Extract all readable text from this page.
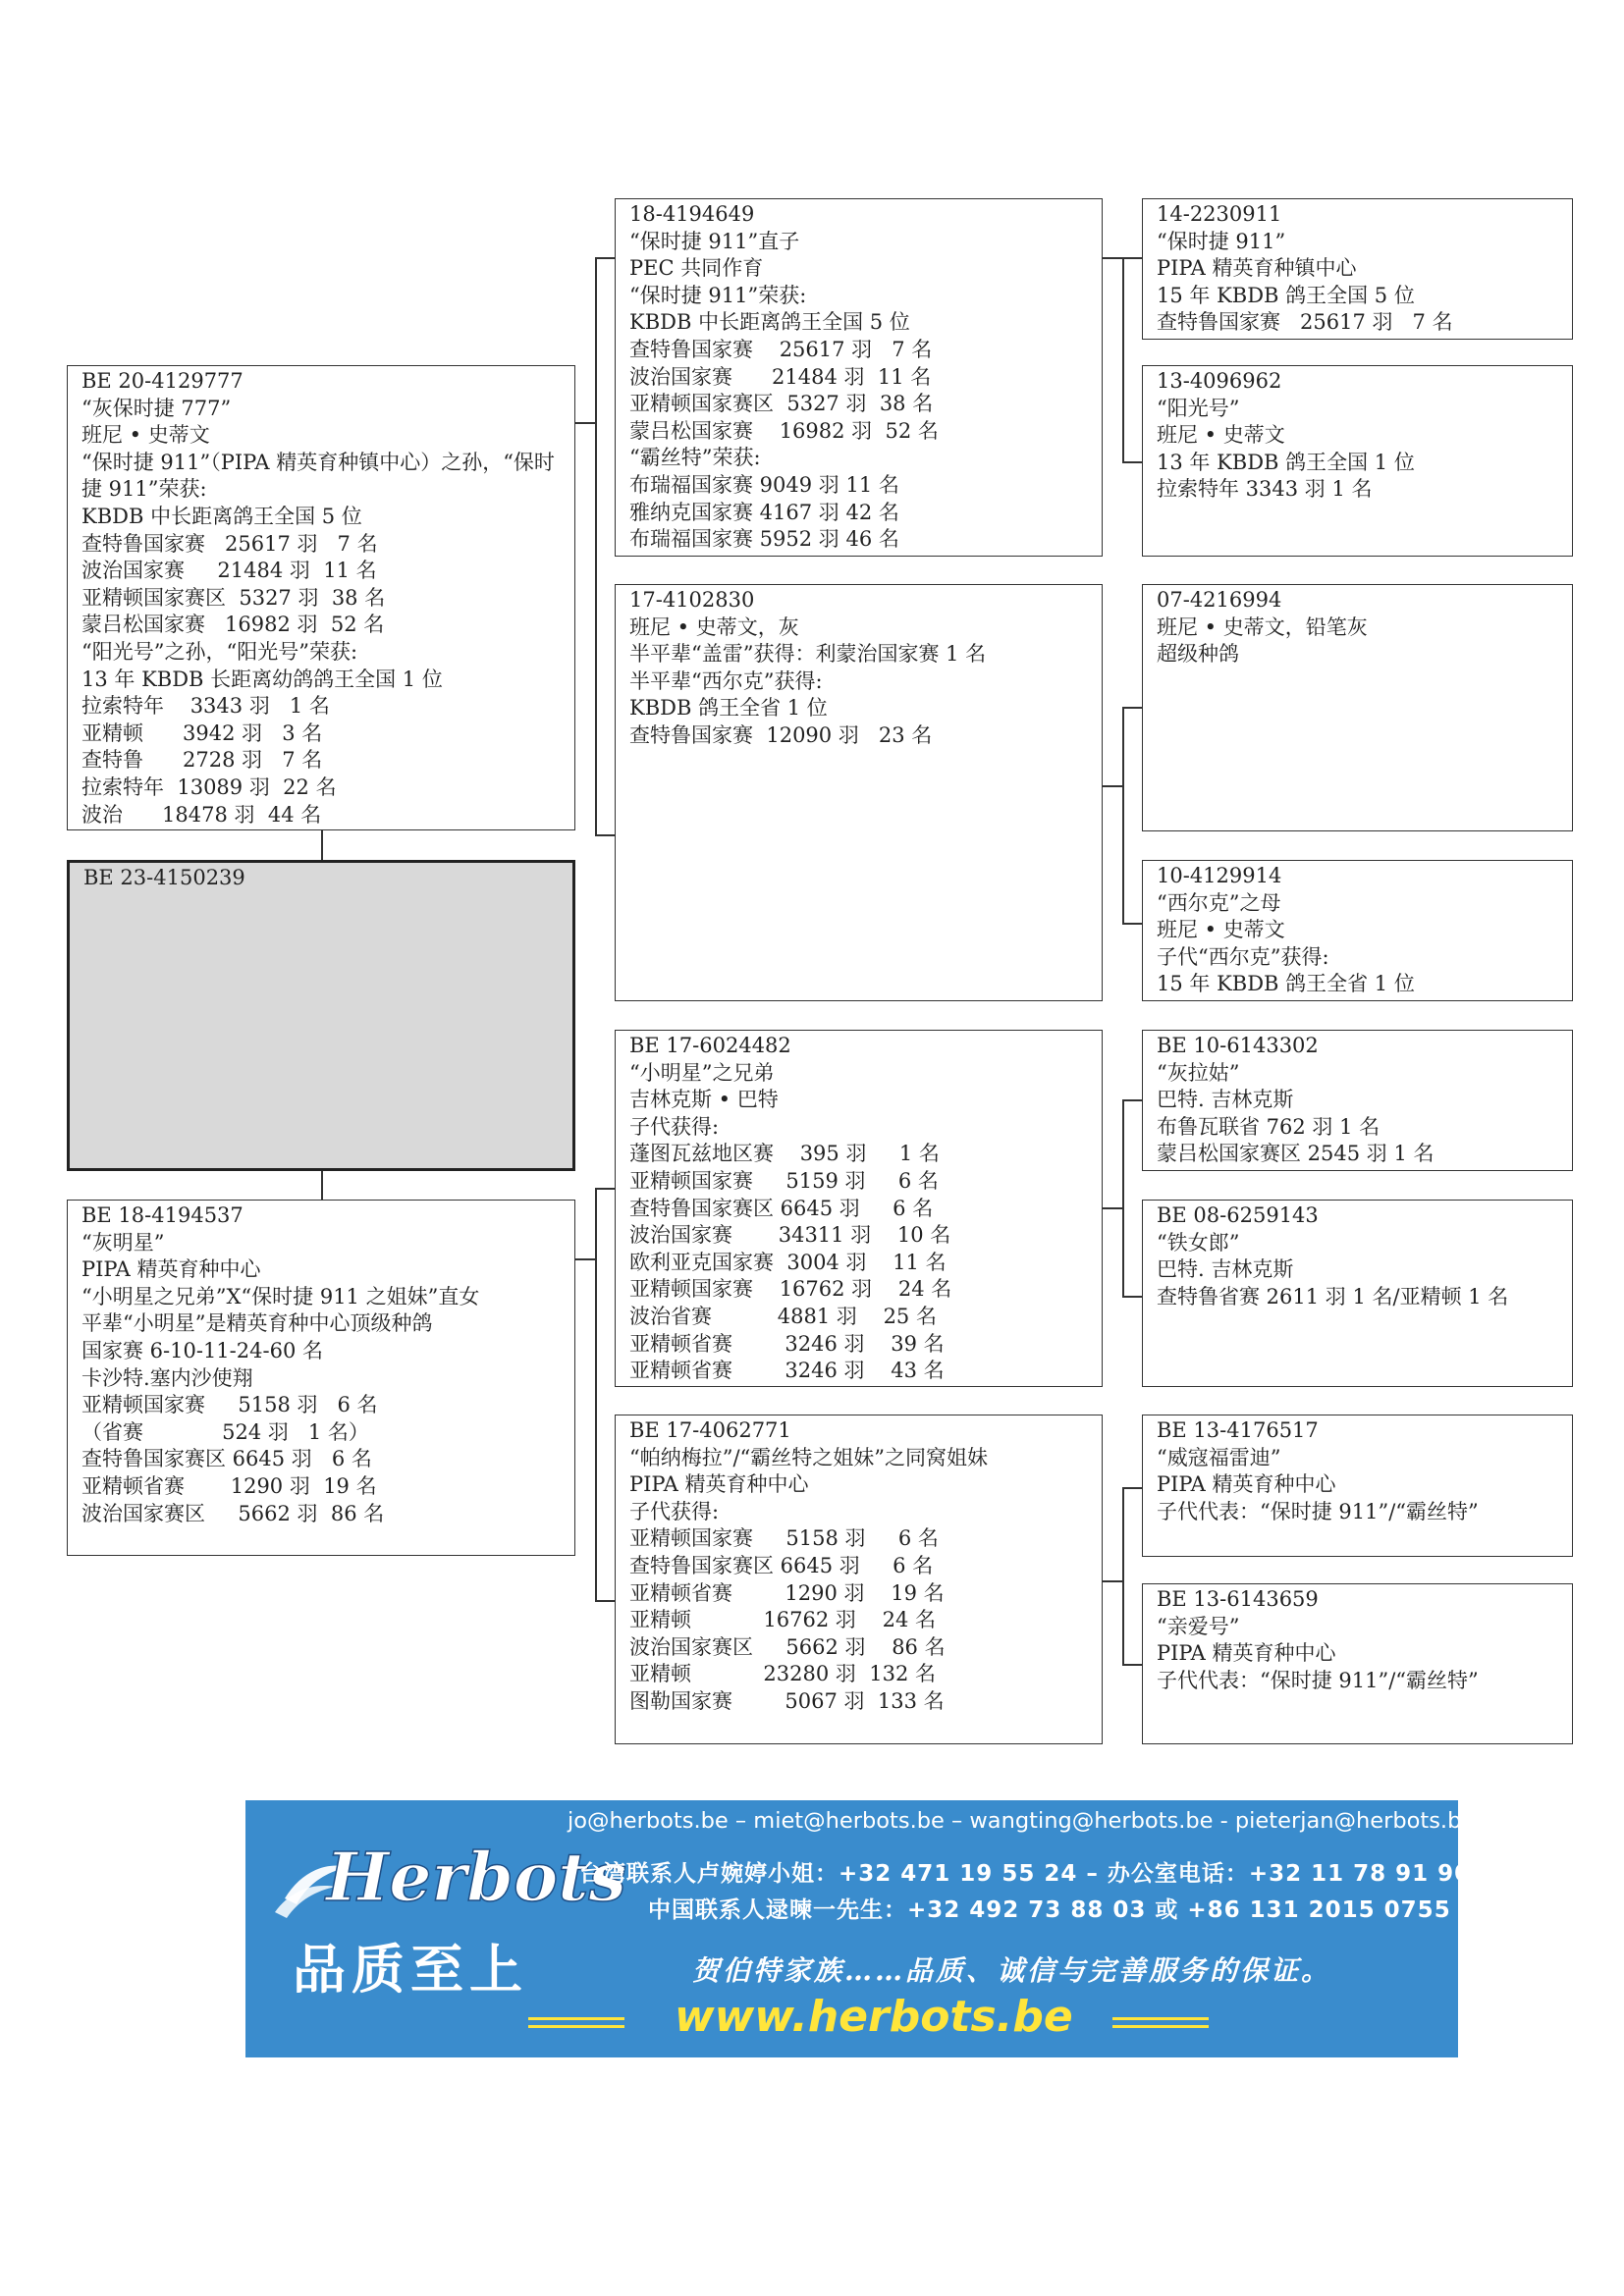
BE 20-4129777
“灰保时捷 777”
班尼 • 史蒂文
“保时捷 911”（PIPA 精英育种镇中心）之孙，“保时捷 911”荣获:
KBDB 中长距离鸽王全国 5 位
查特鲁国家赛   25617 羽   7 名
波治国家赛     21484 羽  11 名
亚精顿国家赛区  5327 羽  38 名
蒙吕松国家赛   16982 羽  52 名
“阳光号”之孙，“阳光号”荣获:
13 年 KBDB 长距离幼鸽鸽王全国 1 位
拉索特年    3343 羽   1 名
亚精顿      3942 羽   3 名
查特鲁      2728 羽   7 名
拉索特年  13089 羽  22 名
波治      18478 羽  44 名
BE 23-4150239
BE 18-4194537
“灰明星”
PIPA 精英育种中心
“小明星之兄弟”X“保时捷 911 之姐妹”直女
平辈“小明星”是精英育种中心顶级种鸽
国家赛 6-10-11-24-60 名
卡沙特.塞内沙使翔
亚精顿国家赛     5158 羽   6 名
（省赛            524 羽   1 名）
查特鲁国家赛区 6645 羽   6 名
亚精顿省赛       1290 羽  19 名
波治国家赛区     5662 羽  86 名
18-4194649
“保时捷 911”直子
PEC 共同作育
“保时捷 911”荣获:
KBDB 中长距离鸽王全国 5 位
查特鲁国家赛    25617 羽   7 名
波治国家赛      21484 羽  11 名
亚精顿国家赛区  5327 羽  38 名
蒙吕松国家赛    16982 羽  52 名
“霸丝特”荣获:
布瑞福国家赛 9049 羽 11 名
雅纳克国家赛 4167 羽 42 名
布瑞福国家赛 5952 羽 46 名
17-4102830
班尼 • 史蒂文，灰
半平辈“盖雷”获得：利蒙治国家赛 1 名
半平辈“西尔克”获得:
KBDB 鸽王全省 1 位
查特鲁国家赛  12090 羽   23 名
BE 17-6024482
“小明星”之兄弟
吉林克斯 • 巴特
子代获得:
蓬图瓦兹地区赛    395 羽     1 名
亚精顿国家赛     5159 羽     6 名
查特鲁国家赛区 6645 羽     6 名
波治国家赛       34311 羽    10 名
欧利亚克国家赛  3004 羽    11 名
亚精顿国家赛    16762 羽    24 名
波治省赛          4881 羽    25 名
亚精顿省赛        3246 羽    39 名
亚精顿省赛        3246 羽    43 名
BE 17-4062771
“帕纳梅拉”/“霸丝特之姐妹”之同窝姐妹
PIPA 精英育种中心
子代获得:
亚精顿国家赛     5158 羽     6 名
查特鲁国家赛区 6645 羽     6 名
亚精顿省赛        1290 羽    19 名
亚精顿           16762 羽    24 名
波治国家赛区     5662 羽    86 名
亚精顿           23280 羽  132 名
图勒国家赛        5067 羽  133 名
14-2230911
“保时捷 911”
PIPA 精英育种镇中心
15 年 KBDB 鸽王全国 5 位
查特鲁国家赛   25617 羽   7 名
13-4096962
“阳光号”
班尼 • 史蒂文
13 年 KBDB 鸽王全国 1 位
拉索特年 3343 羽 1 名
07-4216994
班尼 • 史蒂文，铅笔灰
超级种鸽
10-4129914
“西尔克”之母
班尼 • 史蒂文
子代“西尔克”获得:
15 年 KBDB 鸽王全省 1 位
BE 10-6143302
“灰拉姑”
巴特. 吉林克斯
布鲁瓦联省 762 羽 1 名
蒙吕松国家赛区 2545 羽 1 名
BE 08-6259143
“铁女郎”
巴特. 吉林克斯
查特鲁省赛 2611 羽 1 名/亚精顿 1 名
BE 13-4176517
“威寇福雷迪”
PIPA 精英育种中心
子代代表：“保时捷 911”/“霸丝特”
BE 13-6143659
“亲爱号”
PIPA 精英育种中心
子代代表：“保时捷 911”/“霸丝特”
Herbots
品质至上
jo@herbots.be – miet@herbots.be – wangting@herbots.be - pieterjan@herbots.be
台湾联系人卢婉婷小姐：+32 471 19 55 24 – 办公室电话：+32 11 78 91 90
中国联系人逯暕一先生：+32 492 73 88 03 或 +86 131 2015 0755
贺伯特家族……品质、诚信与完善服务的保证。
www.herbots.be
